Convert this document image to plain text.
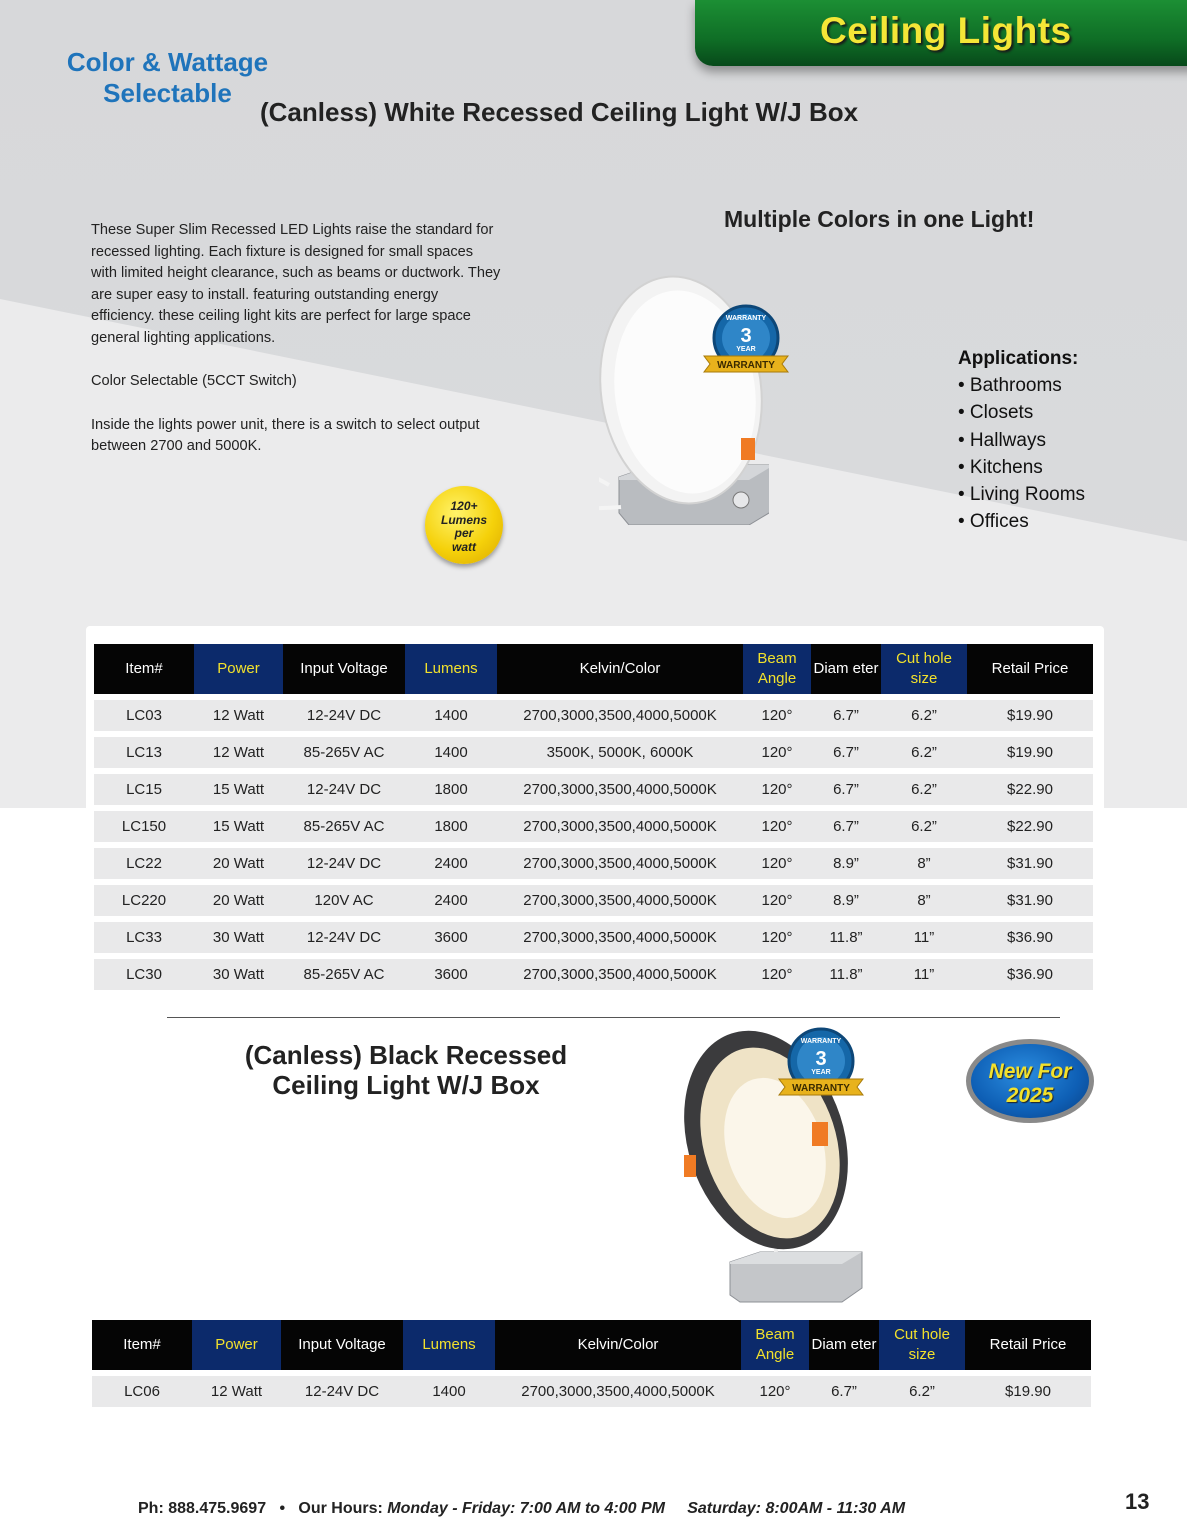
Ceiling Lights
Color & Wattage Selectable
(Canless) White Recessed Ceiling Light W/J Box

These Super Slim Recessed LED Lights raise the standard for recessed lighting. Each fixture is designed for small spaces with limited height clearance, such as beams or ductwork. They are super easy to install. featuring outstanding energy efficiency. these ceiling light kits are perfect for large space general lighting applications.

Color Selectable (5CCT Switch)

Inside the lights power unit, there is a switch to select output between 2700 and 5000K.

Multiple Colors in one Light!
WARRANTY
3
YEAR
WARRANTY
120+
Lumens
per
watt
Applications:
• Bathrooms
• Closets
• Hallways
• Kitchens
• Living Rooms
• Offices
Item#	Power	Input Voltage	Lumens	Kelvin/Color	Beam Angle	Diam eter	Cut hole size	Retail Price
LC03	12 Watt	12-24V DC	1400	2700,3000,3500,4000,5000K	120°	6.7”	6.2”	$19.90
LC13	12 Watt	85-265V AC	1400	3500K, 5000K, 6000K	120°	6.7”	6.2”	$19.90
LC15	15 Watt	12-24V DC	1800	2700,3000,3500,4000,5000K	120°	6.7”	6.2”	$22.90
LC150	15 Watt	85-265V AC	1800	2700,3000,3500,4000,5000K	120°	6.7”	6.2”	$22.90
LC22	20 Watt	12-24V DC	2400	2700,3000,3500,4000,5000K	120°	8.9”	8”	$31.90
LC220	20 Watt	120V AC	2400	2700,3000,3500,4000,5000K	120°	8.9”	8”	$31.90
LC33	30 Watt	12-24V DC	3600	2700,3000,3500,4000,5000K	120°	11.8”	11”	$36.90
LC30	30 Watt	85-265V AC	3600	2700,3000,3500,4000,5000K	120°	11.8”	11”	$36.90
(Canless) Black Recessed Ceiling Light W/J Box
WARRANTY
3
YEAR
WARRANTY
New For
2025
Item#	Power	Input Voltage	Lumens	Kelvin/Color	Beam Angle	Diam eter	Cut hole size	Retail Price
LC06	12 Watt	12-24V DC	1400	2700,3000,3500,4000,5000K	120°	6.7”	6.2”	$19.90
Ph: 888.475.9697 • Our Hours: Monday - Friday: 7:00 AM to 4:00 PM Saturday: 8:00AM - 11:30 AM	13
